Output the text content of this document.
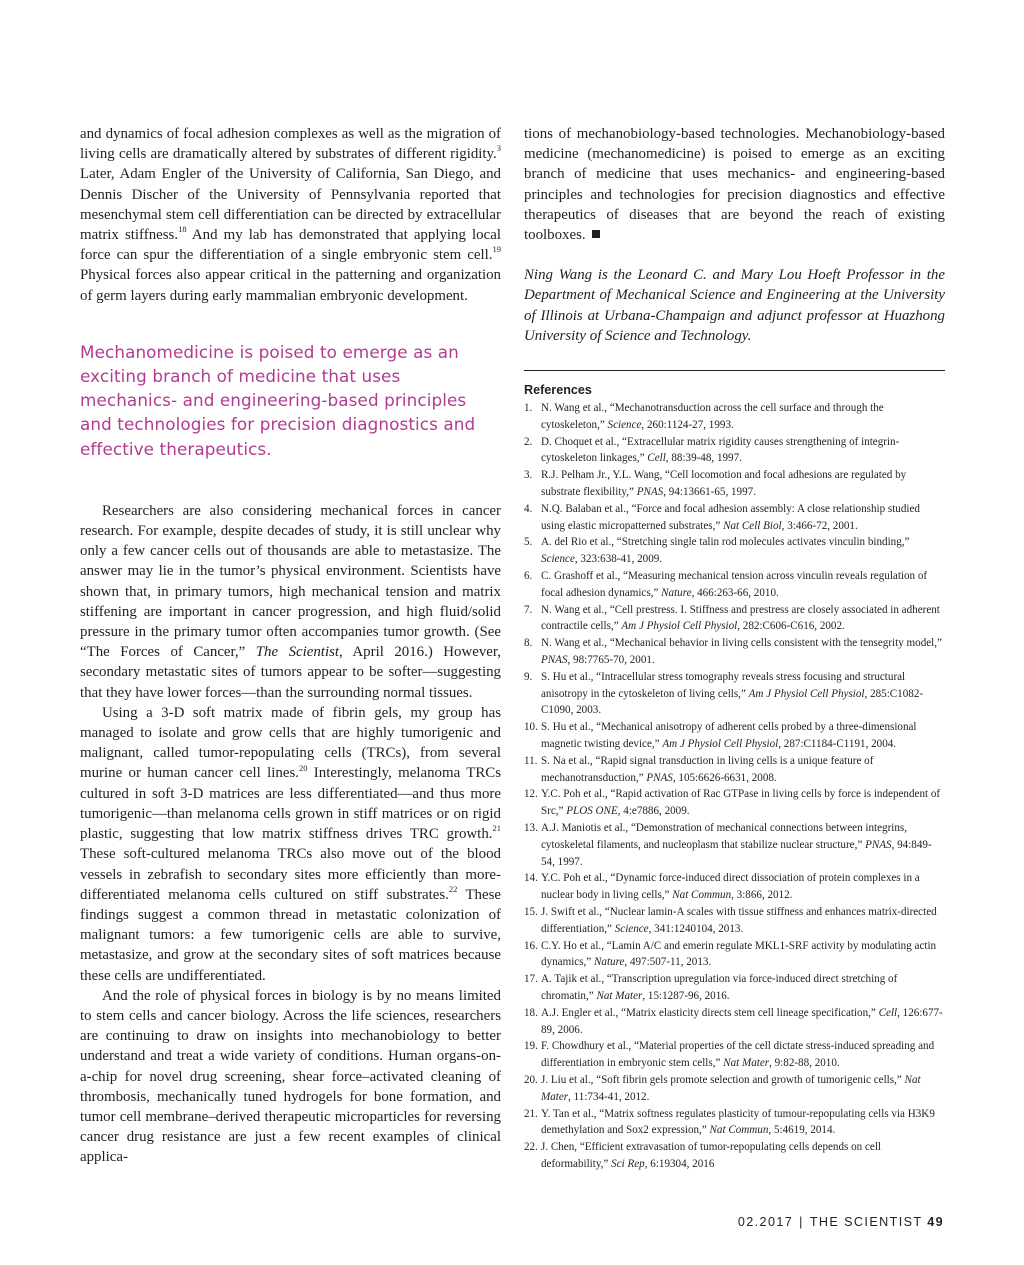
and dynamics of focal adhesion complexes as well as the migration of living cells are dramatically altered by substrates of different rigidity.$^3$ Later, Adam Engler of the University of California, San Diego, and Dennis Discher of the University of Pennsylvania reported that mesenchymal stem cell differentiation can be directed by extracellular matrix stiffness.$^{18}$ And my lab has demonstrated that applying local force can spur the differentiation of a single embryonic stem cell.$^{19}$ Physical forces also appear critical in the patterning and organization of germ layers during early mammalian embryonic development.

Mechanomedicine is poised to emerge as an exciting branch of medicine that uses mechanics- and engineering-based principles and technologies for precision diagnostics and effective therapeutics.

Researchers are also considering mechanical forces in cancer research. For example, despite decades of study, it is still unclear why only a few cancer cells out of thousands are able to metastasize. The answer may lie in the tumor’s physical environment. Scientists have shown that, in primary tumors, high mechanical tension and matrix stiffening are important in cancer progression, and high fluid/solid pressure in the primary tumor often accompanies tumor growth. (See “The Forces of Cancer,” The Scientist, April 2016.) However, secondary metastatic sites of tumors appear to be softer—suggesting that they have lower forces—than the surrounding normal tissues.

Using a 3-D soft matrix made of fibrin gels, my group has managed to isolate and grow cells that are highly tumorigenic and malignant, called tumor-repopulating cells (TRCs), from several murine or human cancer cell lines.$^{20}$ Interestingly, melanoma TRCs cultured in soft 3-D matrices are less differentiated—and thus more tumorigenic—than melanoma cells grown in stiff matrices or on rigid plastic, suggesting that low matrix stiffness drives TRC growth.$^{21}$ These soft-cultured melanoma TRCs also move out of the blood vessels in zebrafish to secondary sites more efficiently than more-differentiated melanoma cells cultured on stiff substrates.$^{22}$ These findings suggest a common thread in metastatic colonization of malignant tumors: a few tumorigenic cells are able to survive, metastasize, and grow at the secondary sites of soft matrices because these cells are undifferentiated.

And the role of physical forces in biology is by no means limited to stem cells and cancer biology. Across the life sciences, researchers are continuing to draw on insights into mechanobiology to better understand and treat a wide variety of conditions. Human organs-on-a-chip for novel drug screening, shear force–activated cleaning of thrombosis, mechanically tuned hydrogels for bone formation, and tumor cell membrane–derived therapeutic microparticles for reversing cancer drug resistance are just a few recent examples of clinical applica-

tions of mechanobiology-based technologies. Mechanobiology-based medicine (mechanomedicine) is poised to emerge as an exciting branch of medicine that uses mechanics- and engineering-based principles and technologies for precision diagnostics and effective therapeutics of diseases that are beyond the reach of existing toolboxes.

Ning Wang is the Leonard C. and Mary Lou Hoeft Professor in the Department of Mechanical Science and Engineering at the University of Illinois at Urbana-Champaign and adjunct professor at Huazhong University of Science and Technology.

References
1. N. Wang et al., “Mechanotransduction across the cell surface and through the cytoskeleton,” Science, 260:1124-27, 1993.
2. D. Choquet et al., “Extracellular matrix rigidity causes strengthening of integrin-cytoskeleton linkages,” Cell, 88:39-48, 1997.
3. R.J. Pelham Jr., Y.L. Wang, “Cell locomotion and focal adhesions are regulated by substrate flexibility,” PNAS, 94:13661-65, 1997.
4. N.Q. Balaban et al., “Force and focal adhesion assembly: A close relationship studied using elastic micropatterned substrates,” Nat Cell Biol, 3:466-72, 2001.
5. A. del Rio et al., “Stretching single talin rod molecules activates vinculin binding,” Science, 323:638-41, 2009.
6. C. Grashoff et al., “Measuring mechanical tension across vinculin reveals regulation of focal adhesion dynamics,” Nature, 466:263-66, 2010.
7. N. Wang et al., “Cell prestress. I. Stiffness and prestress are closely associated in adherent contractile cells,” Am J Physiol Cell Physiol, 282:C606-C616, 2002.
8. N. Wang et al., “Mechanical behavior in living cells consistent with the tensegrity model,” PNAS, 98:7765-70, 2001.
9. S. Hu et al., “Intracellular stress tomography reveals stress focusing and structural anisotropy in the cytoskeleton of living cells,” Am J Physiol Cell Physiol, 285:C1082-C1090, 2003.
10. S. Hu et al., “Mechanical anisotropy of adherent cells probed by a three-dimensional magnetic twisting device,” Am J Physiol Cell Physiol, 287:C1184-C1191, 2004.
11. S. Na et al., “Rapid signal transduction in living cells is a unique feature of mechanotransduction,” PNAS, 105:6626-6631, 2008.
12. Y.C. Poh et al., “Rapid activation of Rac GTPase in living cells by force is independent of Src,” PLOS ONE, 4:e7886, 2009.
13. A.J. Maniotis et al., “Demonstration of mechanical connections between integrins, cytoskeletal filaments, and nucleoplasm that stabilize nuclear structure,” PNAS, 94:849-54, 1997.
14. Y.C. Poh et al., “Dynamic force-induced direct dissociation of protein complexes in a nuclear body in living cells,” Nat Commun, 3:866, 2012.
15. J. Swift et al., “Nuclear lamin-A scales with tissue stiffness and enhances matrix-directed differentiation,” Science, 341:1240104, 2013.
16. C.Y. Ho et al., “Lamin A/C and emerin regulate MKL1-SRF activity by modulating actin dynamics,” Nature, 497:507-11, 2013.
17. A. Tajik et al., “Transcription upregulation via force-induced direct stretching of chromatin,” Nat Mater, 15:1287-96, 2016.
18. A.J. Engler et al., “Matrix elasticity directs stem cell lineage specification,” Cell, 126:677-89, 2006.
19. F. Chowdhury et al., “Material properties of the cell dictate stress-induced spreading and differentiation in embryonic stem cells,” Nat Mater, 9:82-88, 2010.
20. J. Liu et al., “Soft fibrin gels promote selection and growth of tumorigenic cells,” Nat Mater, 11:734-41, 2012.
21. Y. Tan et al., “Matrix softness regulates plasticity of tumour-repopulating cells via H3K9 demethylation and Sox2 expression,” Nat Commun, 5:4619, 2014.
22. J. Chen, “Efficient extravasation of tumor-repopulating cells depends on cell deformability,” Sci Rep, 6:19304, 2016
02.2017 | THE SCIENTIST 49
